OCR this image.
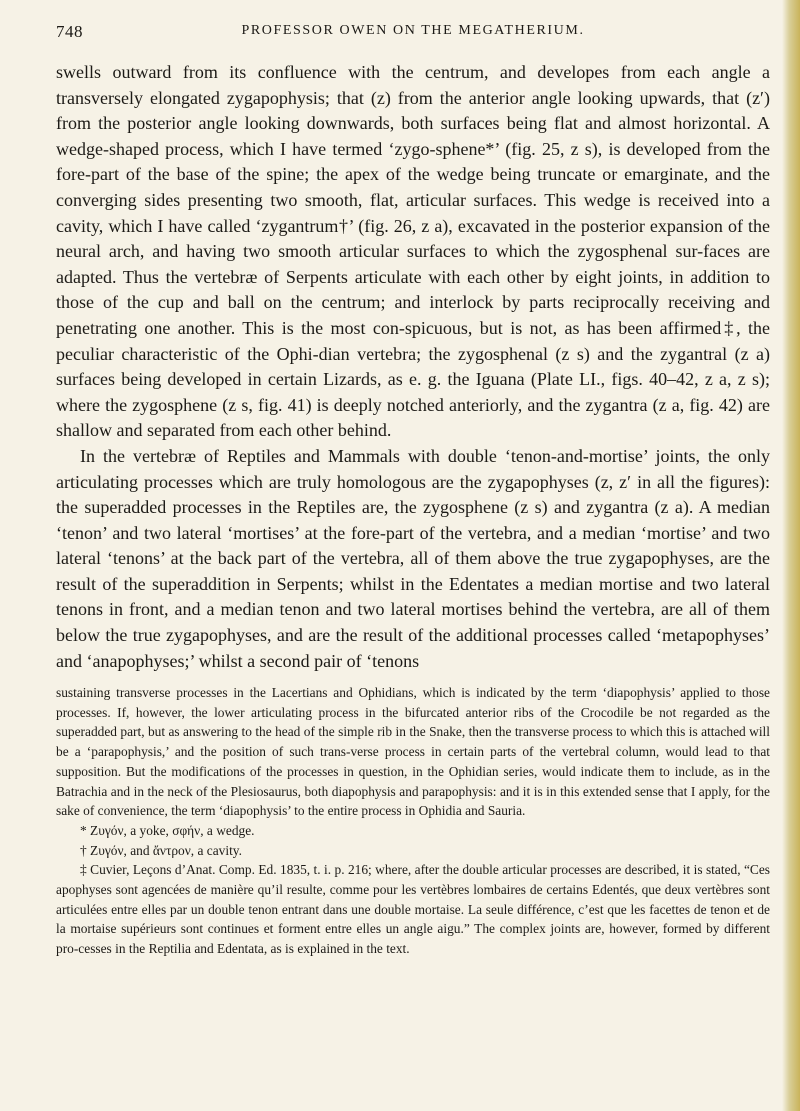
748	PROFESSOR OWEN ON THE MEGATHERIUM.

swells outward from its confluence with the centrum, and developes from each angle a transversely elongated zygapophysis; that (z) from the anterior angle looking upwards, that (z′) from the posterior angle looking downwards, both surfaces being flat and almost horizontal. A wedge-shaped process, which I have termed ‘zygo-sphene*’ (fig. 25, z s), is developed from the fore-part of the base of the spine; the apex of the wedge being truncate or emarginate, and the converging sides presenting two smooth, flat, articular surfaces. This wedge is received into a cavity, which I have called ‘zygantrum†’ (fig. 26, z a), excavated in the posterior expansion of the neural arch, and having two smooth articular surfaces to which the zygosphenal sur-faces are adapted. Thus the vertebræ of Serpents articulate with each other by eight joints, in addition to those of the cup and ball on the centrum; and interlock by parts reciprocally receiving and penetrating one another. This is the most con-spicuous, but is not, as has been affirmed‡, the peculiar characteristic of the Ophi-dian vertebra; the zygosphenal (z s) and the zygantral (z a) surfaces being developed in certain Lizards, as e. g. the Iguana (Plate LI., figs. 40–42, z a, z s); where the zygosphene (z s, fig. 41) is deeply notched anteriorly, and the zygantra (z a, fig. 42) are shallow and separated from each other behind.

In the vertebræ of Reptiles and Mammals with double ‘tenon-and-mortise’ joints, the only articulating processes which are truly homologous are the zygapophyses (z, z′ in all the figures): the superadded processes in the Reptiles are, the zygosphene (z s) and zygantra (z a). A median ‘tenon’ and two lateral ‘mortises’ at the fore-part of the vertebra, and a median ‘mortise’ and two lateral ‘tenons’ at the back part of the vertebra, all of them above the true zygapophyses, are the result of the superaddition in Serpents; whilst in the Edentates a median mortise and two lateral tenons in front, and a median tenon and two lateral mortises behind the vertebra, are all of them below the true zygapophyses, and are the result of the additional processes called ‘metapophyses’ and ‘anapophyses;’ whilst a second pair of ‘tenons

sustaining transverse processes in the Lacertians and Ophidians, which is indicated by the term ‘diapophysis’ applied to those processes. If, however, the lower articulating process in the bifurcated anterior ribs of the Crocodile be not regarded as the superadded part, but as answering to the head of the simple rib in the Snake, then the transverse process to which this is attached will be a ‘parapophysis,’ and the position of such trans-verse process in certain parts of the vertebral column, would lead to that supposition. But the modifications of the processes in question, in the Ophidian series, would indicate them to include, as in the Batrachia and in the neck of the Plesiosaurus, both diapophysis and parapophysis: and it is in this extended sense that I apply, for the sake of convenience, the term ‘diapophysis’ to the entire process in Ophidia and Sauria.

* Ζυγόν, a yoke, σφήν, a wedge.

† Ζυγόν, and ἄντρον, a cavity.

‡ Cuvier, Leçons d’Anat. Comp. Ed. 1835, t. i. p. 216; where, after the double articular processes are described, it is stated, “Ces apophyses sont agencées de manière qu’il resulte, comme pour les vertèbres lombaires de certains Edentés, que deux vertèbres sont articulées entre elles par un double tenon entrant dans une double mortaise. La seule différence, c’est que les facettes de tenon et de la mortaise supérieurs sont continues et forment entre elles un angle aigu.” The complex joints are, however, formed by different pro-cesses in the Reptilia and Edentata, as is explained in the text.
